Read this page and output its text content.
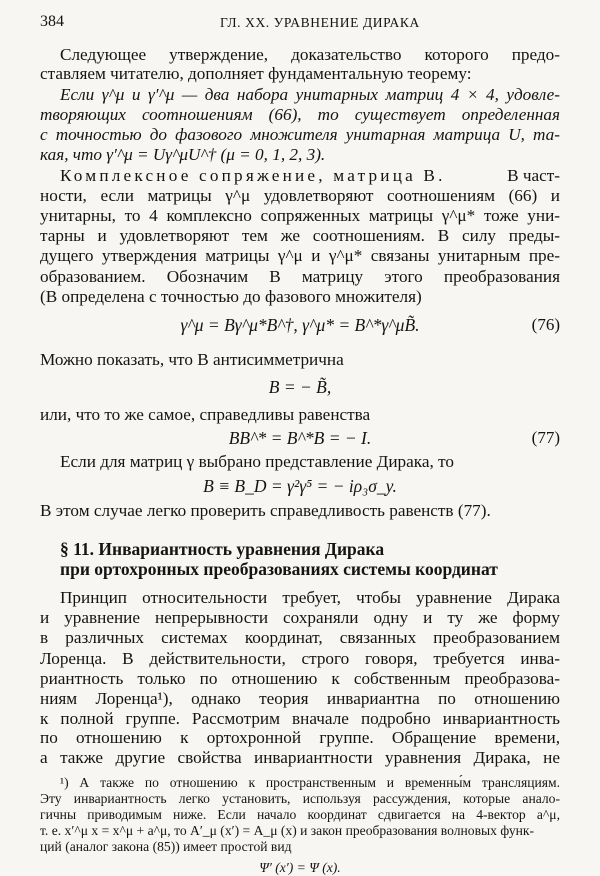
384	ГЛ. XX. УРАВНЕНИЕ ДИРАКА
Следующее утверждение, доказательство которого предо-
ставляем читателю, дополняет фундаментальную теорему:
Если γ^μ и γ′^μ — два набора унитарных матриц 4 × 4, удовле-
творяющих соотношениям (66), то существует определенная
с точностью до фазового множителя унитарная матрица U, та-
кая, что γ′^μ = Uγ^μU^† (μ = 0, 1, 2, 3).
Комплексное сопряжение, матрица B.	В част-
ности, если матрицы γ^μ удовлетворяют соотношениям (66) и
унитарны, то 4 комплексно сопряженных матрицы γ^μ* тоже уни-
тарны и удовлетворяют тем же соотношениям. В силу преды-
дущего утверждения матрицы γ^μ и γ^μ* связаны унитарным пре-
образованием. Обозначим B матрицу этого преобразования
(B определена с точностью до фазового множителя)
γ^μ = Bγ^μ*B^†, γ^μ* = B^*γ^μB̃.	(76)
Можно показать, что B антисимметрична
B = − B̃,
или, что то же самое, справедливы равенства
BB^* = B^*B = − I.	(77)
Если для матриц γ выбрано представление Дирака, то
B ≡ B_D = γ²γ⁵ = − iρ₃σ_y.
В этом случае легко проверить справедливость равенств (77).
§ 11. Инвариантность уравнения Дирака
при ортохронных преобразованиях системы координат
Принцип относительности требует, чтобы уравнение Дирака
и уравнение непрерывности сохраняли одну и ту же форму
в различных системах координат, связанных преобразованием
Лоренца. В действительности, строго говоря, требуется инва-
риантность только по отношению к собственным преобразова-
ниям Лоренца¹), однако теория инвариантна по отношению
к полной группе. Рассмотрим вначале подробно инвариантность
по отношению к ортохронной группе. Обращение времени,
а также другие свойства инвариантности уравнения Дирака, не
¹) А также по отношению к пространственным и временны́м трансляциям.
Эту инвариантность легко установить, используя рассуждения, которые анало-
гичны приводимым ниже. Если начало координат сдвигается на 4-вектор a^μ,
т. е. x′^μ x = x^μ + a^μ, то A′_μ (x′) = A_μ (x) и закон преобразования волновых функ-
ций (аналог закона (85)) имеет простой вид
Ψ′ (x′) = Ψ (x).
